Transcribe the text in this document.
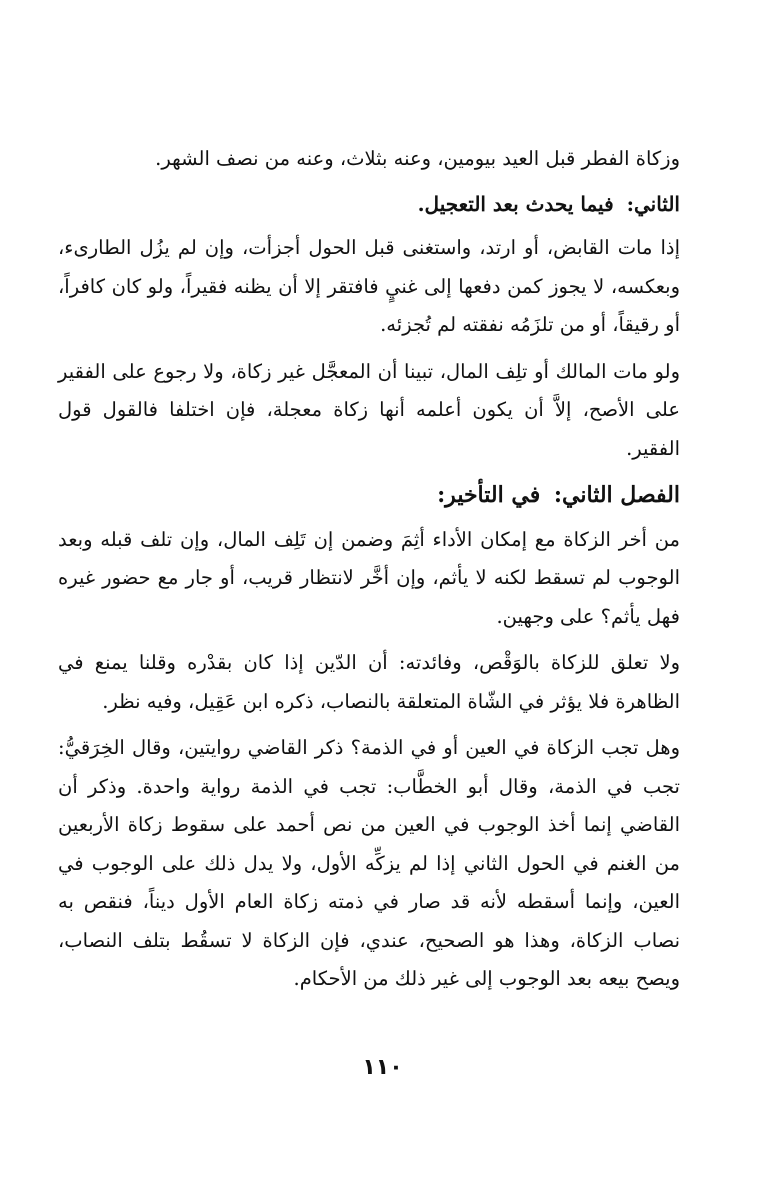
وزكاة الفطر قبل العيد بيومين، وعنه بثلاث، وعنه من نصف الشهر.

الثاني: فيما يحدث بعد التعجيل.

إذا مات القابض، أو ارتد، واستغنى قبل الحول أجزأت، وإن لم يزُل الطارىء، وبعكسه، لا يجوز كمن دفعها إلى غنيٍ فافتقر إلا أن يظنه فقيراً، ولو كان كافراً، أو رقيقاً، أو من تلزَمُه نفقته لم تُجزئه.

ولو مات المالك أو تلِف المال، تبينا أن المعجَّل غير زكاة، ولا رجوع على الفقير على الأصح، إلاَّ أن يكون أعلمه أنها زكاة معجلة، فإن اختلفا فالقول قول الفقير.

الفصل الثاني: في التأخير:

من أخر الزكاة مع إمكان الأداء أثِمَ وضمن إن تَلِف المال، وإن تلف قبله وبعد الوجوب لم تسقط لكنه لا يأثم، وإن أخَّر لانتظار قريب، أو جار مع حضور غيره فهل يأثم؟ على وجهين.

ولا تعلق للزكاة بالوَقْص، وفائدته: أن الدّين إذا كان بقدْره وقلنا يمنع في الظاهرة فلا يؤثر في الشّاة المتعلقة بالنصاب، ذكره ابن عَقِيل، وفيه نظر.

وهل تجب الزكاة في العين أو في الذمة؟ ذكر القاضي روايتين، وقال الخِرَقيُّ: تجب في الذمة، وقال أبو الخطَّاب: تجب في الذمة رواية واحدة. وذكر أن القاضي إنما أخذ الوجوب في العين من نص أحمد على سقوط زكاة الأربعين من الغنم في الحول الثاني إذا لم يزكِّه الأول، ولا يدل ذلك على الوجوب في العين، وإنما أسقطه لأنه قد صار في ذمته زكاة العام الأول ديناً، فنقص به نصاب الزكاة، وهذا هو الصحيح، عندي، فإن الزكاة لا تسقُط بتلف النصاب، ويصح بيعه بعد الوجوب إلى غير ذلك من الأحكام.

١١٠
